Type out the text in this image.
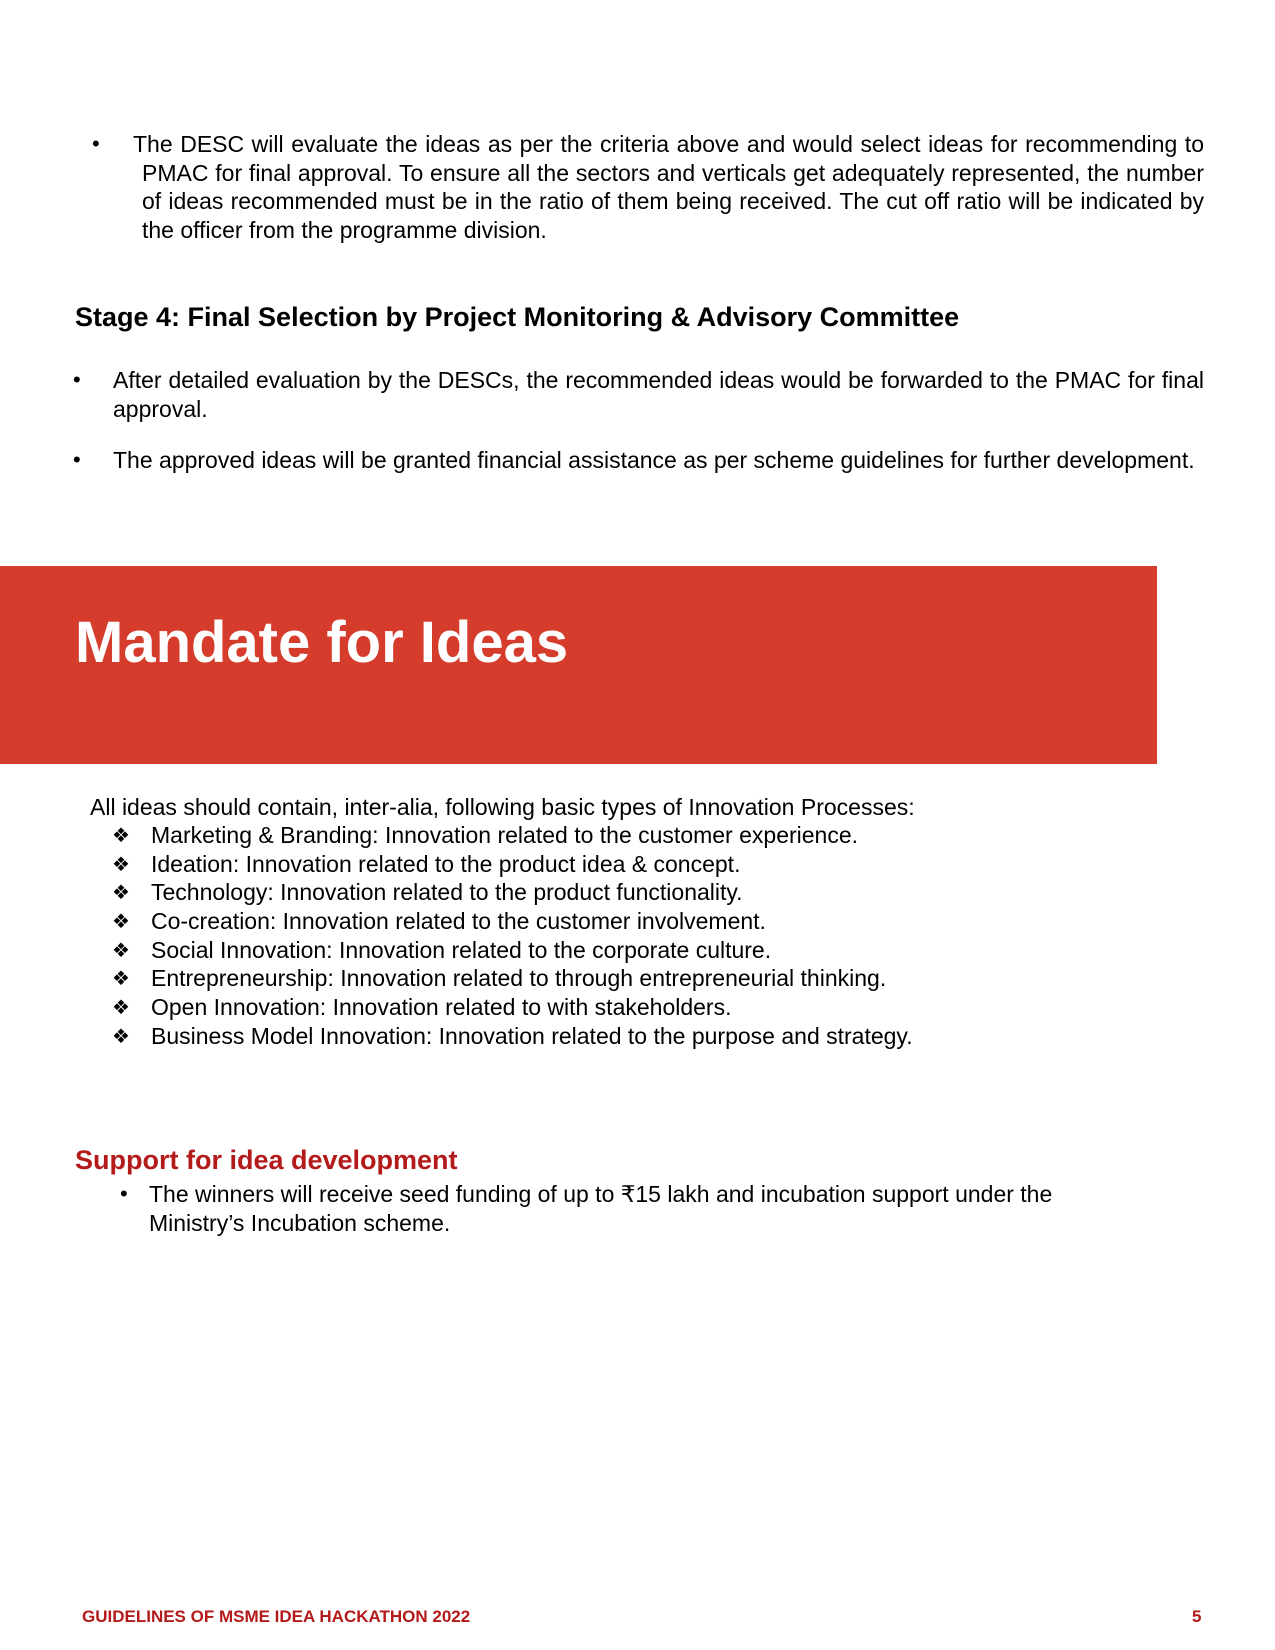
• The DESC will evaluate the ideas as per the criteria above and would select ideas for recommending to PMAC for final approval. To ensure all the sectors and verticals get adequately represented, the number of ideas recommended must be in the ratio of them being received. The cut off ratio will be indicated by the officer from the programme division.
Stage 4: Final Selection by Project Monitoring & Advisory Committee
• After detailed evaluation by the DESCs, the recommended ideas would be forwarded to the PMAC for final approval.
• The approved ideas will be granted financial assistance as per scheme guidelines for further development.
Mandate for Ideas
All ideas should contain, inter-alia, following basic types of Innovation Processes:
❖ Marketing & Branding: Innovation related to the customer experience.
❖ Ideation: Innovation related to the product idea & concept.
❖ Technology: Innovation related to the product functionality.
❖ Co-creation: Innovation related to the customer involvement.
❖ Social Innovation: Innovation related to the corporate culture.
❖ Entrepreneurship: Innovation related to through entrepreneurial thinking.
❖ Open Innovation: Innovation related to with stakeholders.
❖ Business Model Innovation: Innovation related to the purpose and strategy.
Support for idea development
• The winners will receive seed funding of up to ₹15 lakh and incubation support under the Ministry’s Incubation scheme.
GUIDELINES OF MSME IDEA HACKATHON 2022	5
